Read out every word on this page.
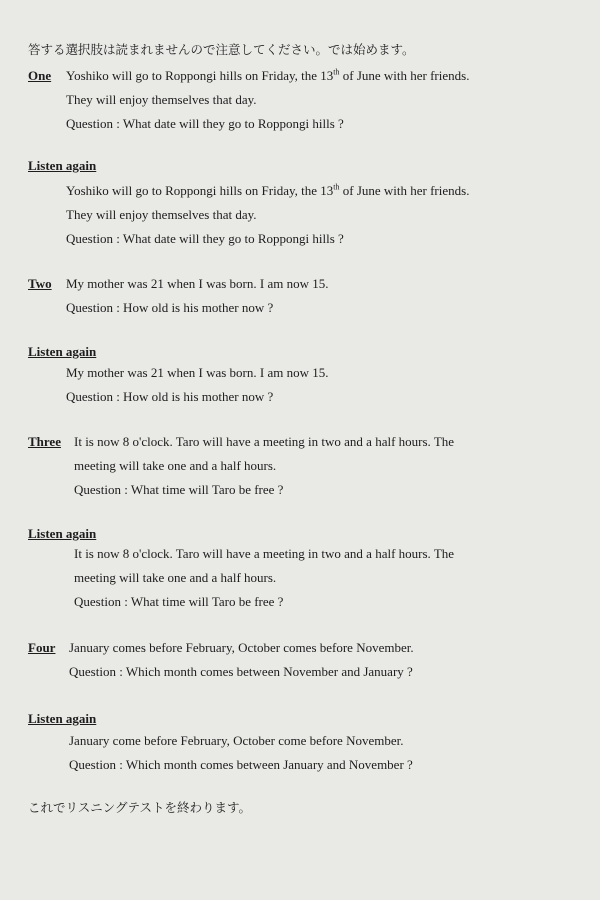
答する選択肢は読まれませんので注意してください。では始めます。
One Yoshiko will go to Roppongi hills on Friday, the 13th of June with her friends.
They will enjoy themselves that day.
Question : What date will they go to Roppongi hills ?
Listen again
Yoshiko will go to Roppongi hills on Friday, the 13th of June with her friends.
They will enjoy themselves that day.
Question : What date will they go to Roppongi hills ?
Two My mother was 21 when I was born. I am now 15.
Question : How old is his mother now ?
Listen again
My mother was 21 when I was born. I am now 15.
Question : How old is his mother now ?
Three It is now 8 o'clock. Taro will have a meeting in two and a half hours. The
meeting will take one and a half hours.
Question : What time will Taro be free ?
Listen again
It is now 8 o'clock. Taro will have a meeting in two and a half hours. The
meeting will take one and a half hours.
Question : What time will Taro be free ?
Four January comes before February, October comes before November.
Question : Which month comes between November and January ?
Listen again
January come before February, October come before November.
Question : Which month comes between January and November ?
これでリスニングテストを終わります。
